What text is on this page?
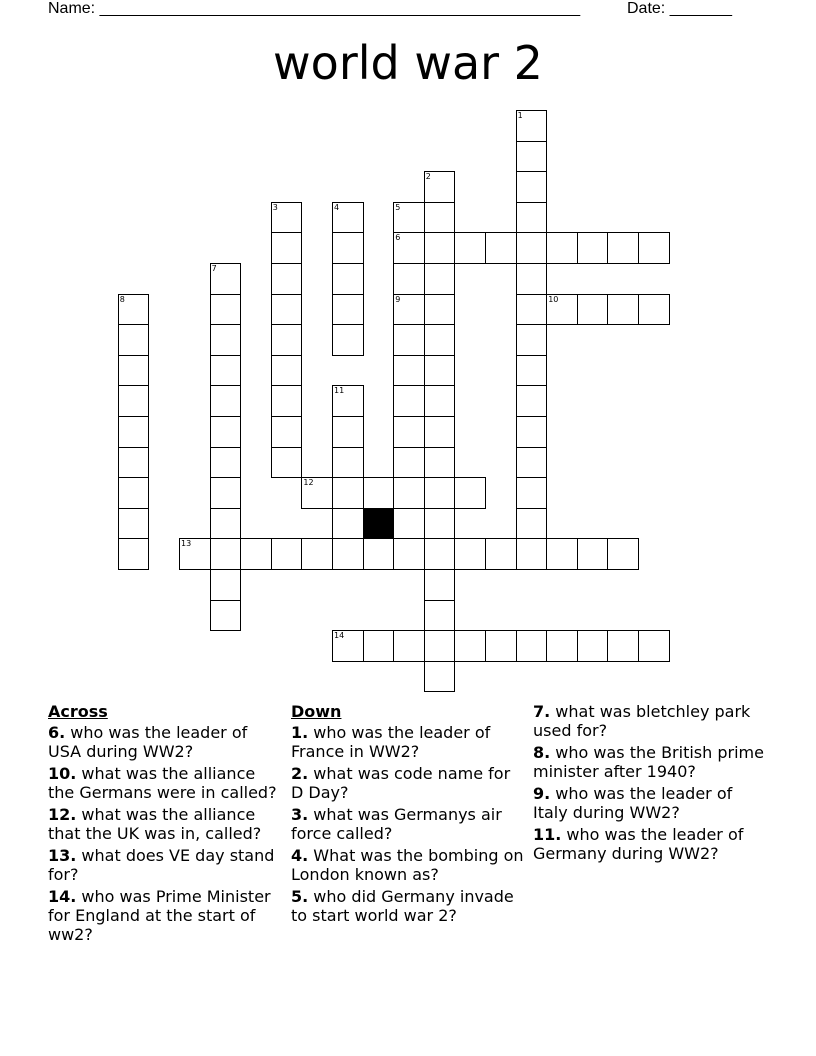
Name: ______________________________________________________	Date: _______
world war 2
1
2
3	4	5
6
9
7
8	10
11
12
13
14
Across
6. who was the leader of USA during WW2?
10. what was the alliance the Germans were in called?
12. what was the alliance that the UK was in, called?
13. what does VE day stand for?
14. who was Prime Minister for England at the start of ww2?
Down
1. who was the leader of France in WW2?
2. what was code name for D Day?
3. what was Germanys air force called?
4. What was the bombing on London known as?
5. who did Germany invade to start world war 2?
7. what was bletchley park used for?
8. who was the British prime minister after 1940?
9. who was the leader of Italy during WW2?
11. who was the leader of Germany during WW2?
